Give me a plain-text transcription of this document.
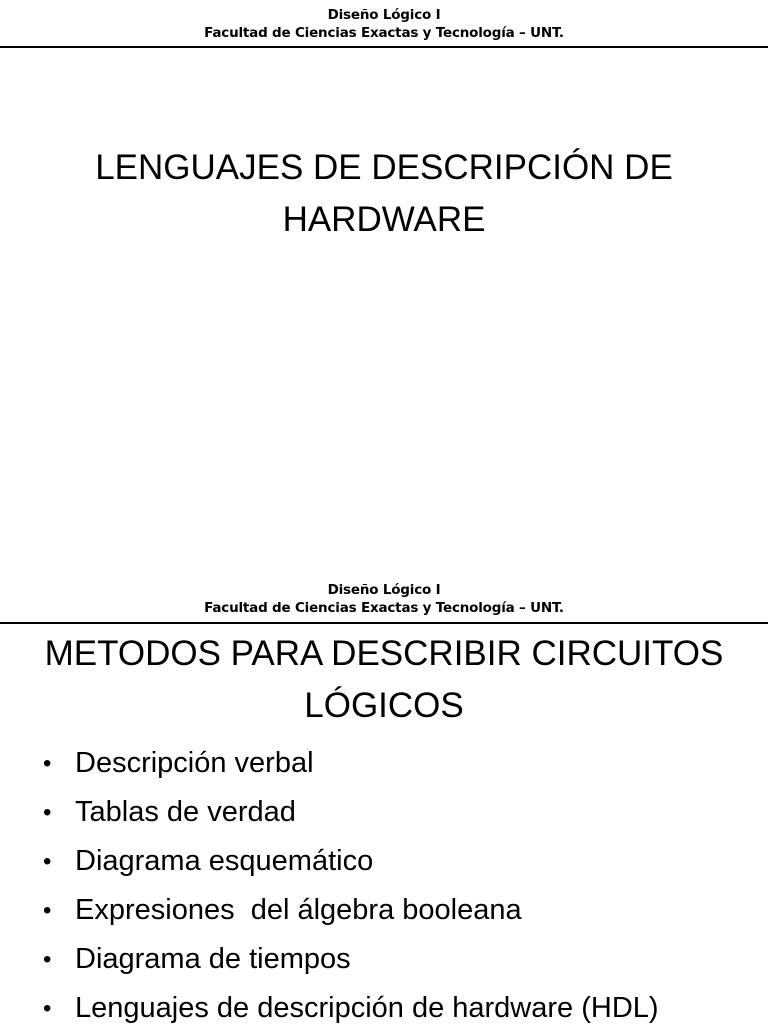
Diseño Lógico I
Facultad de Ciencias Exactas y Tecnología – UNT.
LENGUAJES DE DESCRIPCIÓN DE
HARDWARE
Diseño Lógico I
Facultad de Ciencias Exactas y Tecnología – UNT.
METODOS PARA DESCRIBIR CIRCUITOS
LÓGICOS
• Descripción verbal
• Tablas de verdad
• Diagrama esquemático
• Expresiones  del álgebra booleana
• Diagrama de tiempos
• Lenguajes de descripción de hardware (HDL)
